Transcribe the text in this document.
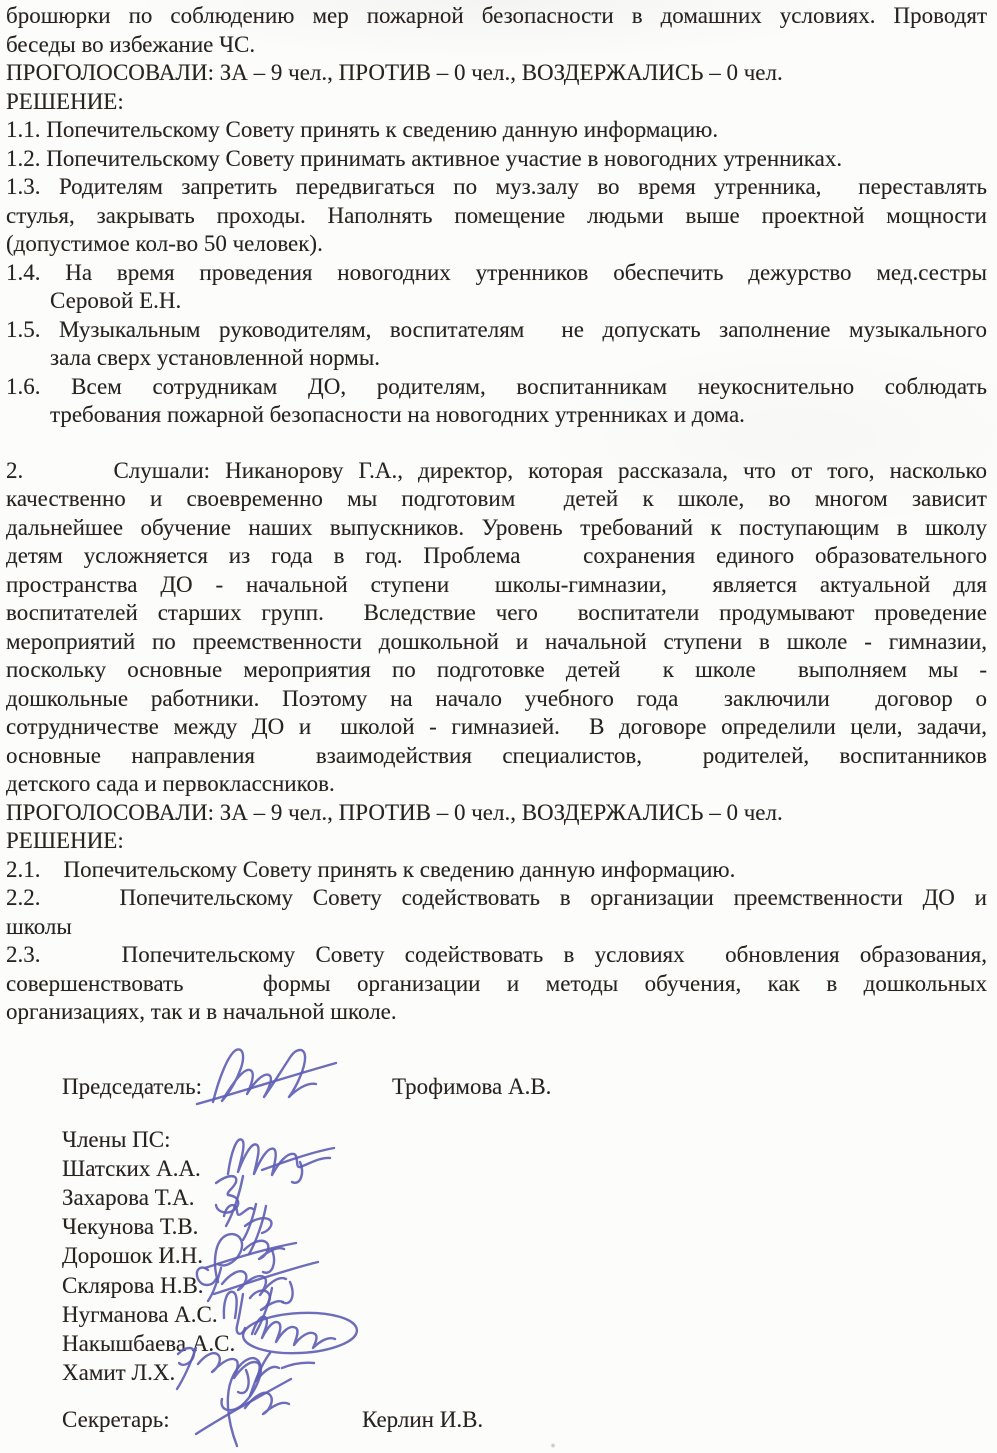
брошюрки по соблюдению мер пожарной безопасности в домашних условиях. Проводят
беседы во избежание ЧС.
ПРОГОЛОСОВАЛИ: ЗА – 9 чел., ПРОТИВ – 0 чел., ВОЗДЕРЖАЛИСЬ – 0 чел.
РЕШЕНИЕ:
1.1. Попечительскому Совету принять к сведению данную информацию.
1.2. Попечительскому Совету принимать активное участие в новогодних утренниках.
1.3. Родителям запретить передвигаться по муз.залу во время утренника,  переставлять
стулья, закрывать проходы. Наполнять помещение людьми выше проектной мощности
(допустимое кол-во 50 человек).
1.4. На время проведения новогодних утренников обеспечить дежурство мед.сестры
Серовой Е.Н.
1.5. Музыкальным руководителям, воспитателям  не допускать заполнение музыкального
зала сверх установленной нормы.
1.6. Всем сотрудникам ДО, родителям, воспитанникам неукоснительно соблюдать
требования пожарной безопасности на новогодних утренниках и дома.
2.      Слушали: Никанорову Г.А., директор, которая рассказала, что от того, насколько
качественно и своевременно мы подготовим  детей к школе, во многом зависит
дальнейшее обучение наших выпускников. Уровень требований к поступающим в школу
детям усложняется из года в год. Проблема   сохранения единого образовательного
пространства ДО - начальной ступени  школы-гимназии,  является актуальной для
воспитателей старших групп.  Вследствие чего  воспитатели продумывают проведение
мероприятий по преемственности дошкольной и начальной ступени в школе - гимназии,
поскольку основные мероприятия по подготовке детей  к школе  выполняем мы -
дошкольные работники. Поэтому на начало учебного года  заключили  договор о
сотрудничестве между ДО и  школой - гимназией.  В договоре определили цели, задачи,
основные направления  взаимодействия специалистов,  родителей, воспитанников
детского сада и первоклассников.
ПРОГОЛОСОВАЛИ: ЗА – 9 чел., ПРОТИВ – 0 чел., ВОЗДЕРЖАЛИСЬ – 0 чел.
РЕШЕНИЕ:
2.1.    Попечительскому Совету принять к сведению данную информацию.
2.2.    Попечительскому Совету содействовать в организации преемственности ДО и
школы
2.3.    Попечительскому Совету содействовать в условиях  обновления образования,
совершенствовать   формы организации и методы обучения, как в дошкольных
организациях, так и в начальной школе.
Председатель:	Трофимова А.В.
Члены ПС:
Шатских А.А.
Захарова Т.А.
Чекунова Т.В.
Дорошок И.Н.
Склярова Н.В.
Нугманова А.С.
Накышбаева А.С.
Хамит Л.Х.
Секретарь:	Керлин И.В.
